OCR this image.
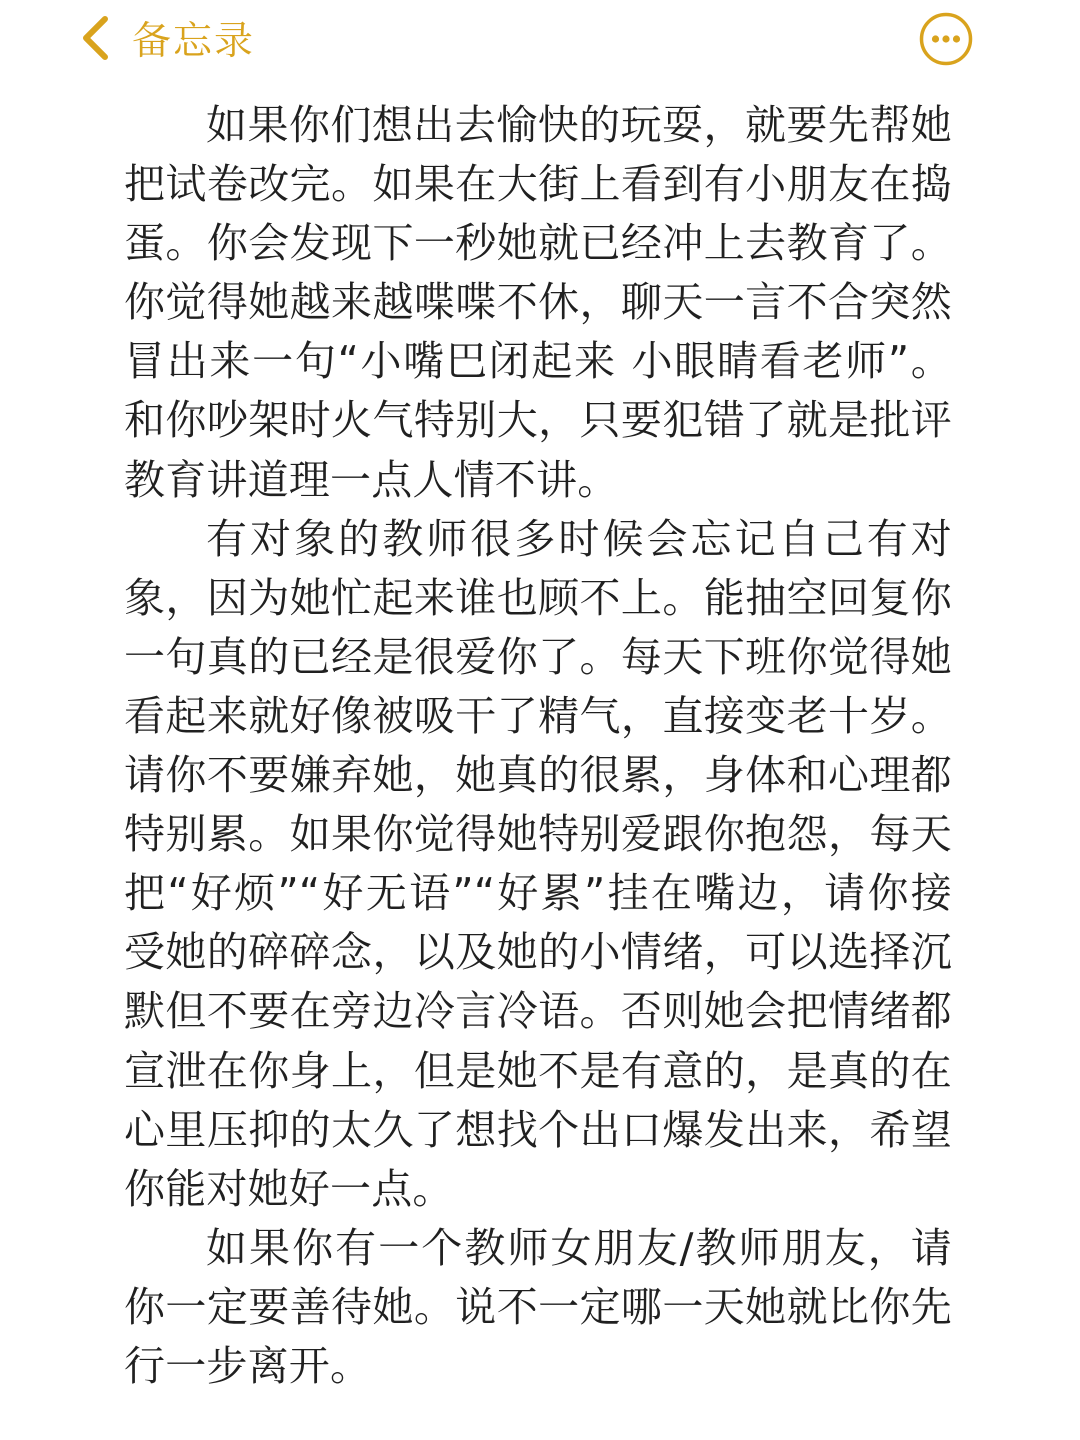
备忘录

如果你们想出去愉快的玩耍，就要先帮她把试卷改完。如果在大街上看到有小朋友在捣蛋。你会发现下一秒她就已经冲上去教育了。你觉得她越来越喋喋不休，聊天一言不合突然冒出来一句“小嘴巴闭起来 小眼睛看老师”。和你吵架时火气特别大，只要犯错了就是批评教育讲道理一点人情不讲。

有对象的教师很多时候会忘记自己有对象，因为她忙起来谁也顾不上。能抽空回复你一句真的已经是很爱你了。每天下班你觉得她看起来就好像被吸干了精气，直接变老十岁。请你不要嫌弃她，她真的很累，身体和心理都特别累。如果你觉得她特别爱跟你抱怨，每天把“好烦”“好无语”“好累”挂在嘴边，请你接受她的碎碎念，以及她的小情绪，可以选择沉默但不要在旁边冷言冷语。否则她会把情绪都宣泄在你身上，但是她不是有意的，是真的在心里压抑的太久了想找个出口爆发出来，希望你能对她好一点。

如果你有一个教师女朋友/教师朋友，请你一定要善待她。说不一定哪一天她就比你先行一步离开。
